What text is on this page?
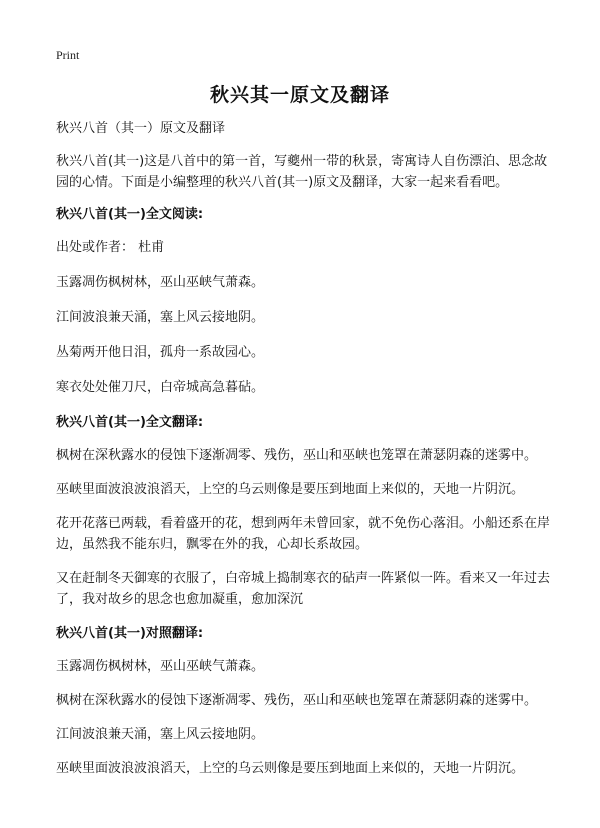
Print
秋兴其一原文及翻译

秋兴八首（其一）原文及翻译

秋兴八首(其一)这是八首中的第一首，写夔州一带的秋景，寄寓诗人自伤漂泊、思念故园的心情。下面是小编整理的秋兴八首(其一)原文及翻译，大家一起来看看吧。

秋兴八首(其一)全文阅读:

出处或作者： 杜甫

玉露凋伤枫树林，巫山巫峡气萧森。

江间波浪兼天涌，塞上风云接地阴。

丛菊两开他日泪，孤舟一系故园心。

寒衣处处催刀尺，白帝城高急暮砧。

秋兴八首(其一)全文翻译:

枫树在深秋露水的侵蚀下逐渐凋零、残伤，巫山和巫峡也笼罩在萧瑟阴森的迷雾中。

巫峡里面波浪波浪滔天，上空的乌云则像是要压到地面上来似的，天地一片阴沉。

花开花落已两载，看着盛开的花，想到两年未曾回家，就不免伤心落泪。小船还系在岸边，虽然我不能东归，飘零在外的我，心却长系故园。

又在赶制冬天御寒的衣服了，白帝城上捣制寒衣的砧声一阵紧似一阵。看来又一年过去了，我对故乡的思念也愈加凝重，愈加深沉

秋兴八首(其一)对照翻译:

玉露凋伤枫树林，巫山巫峡气萧森。

枫树在深秋露水的侵蚀下逐渐凋零、残伤，巫山和巫峡也笼罩在萧瑟阴森的迷雾中。

江间波浪兼天涌，塞上风云接地阴。

巫峡里面波浪波浪滔天，上空的乌云则像是要压到地面上来似的，天地一片阴沉。
